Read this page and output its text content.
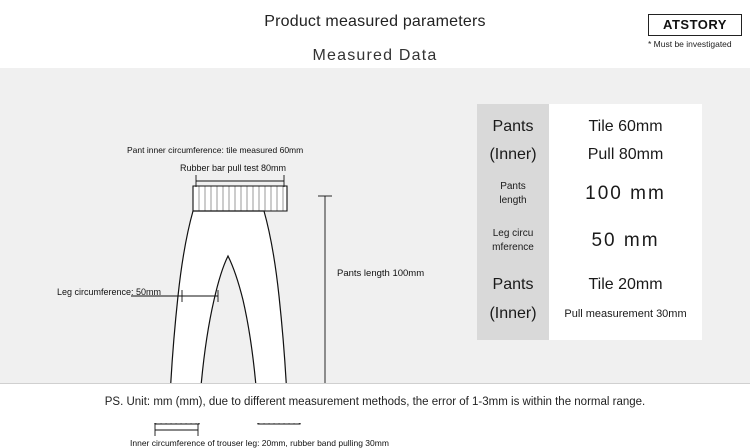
Product measured parameters
Measured Data
ATSTORY
* Must be investigated
Pant inner circumference: tile measured 60mm
Rubber bar pull test 80mm
Pants length 100mm
Leg circumference: 50mm
Inner circumference of trouser leg: 20mm, rubber band pulling 30mm
Pants	Tile 60mm
(Inner)	Pull 80mm
Pants	100 mm
length
Leg circu	50 mm
mference
Pants	Tile 20mm
(Inner)	Pull measurement 30mm
PS. Unit: mm (mm), due to different measurement methods, the error of 1-3mm is within the normal range.
